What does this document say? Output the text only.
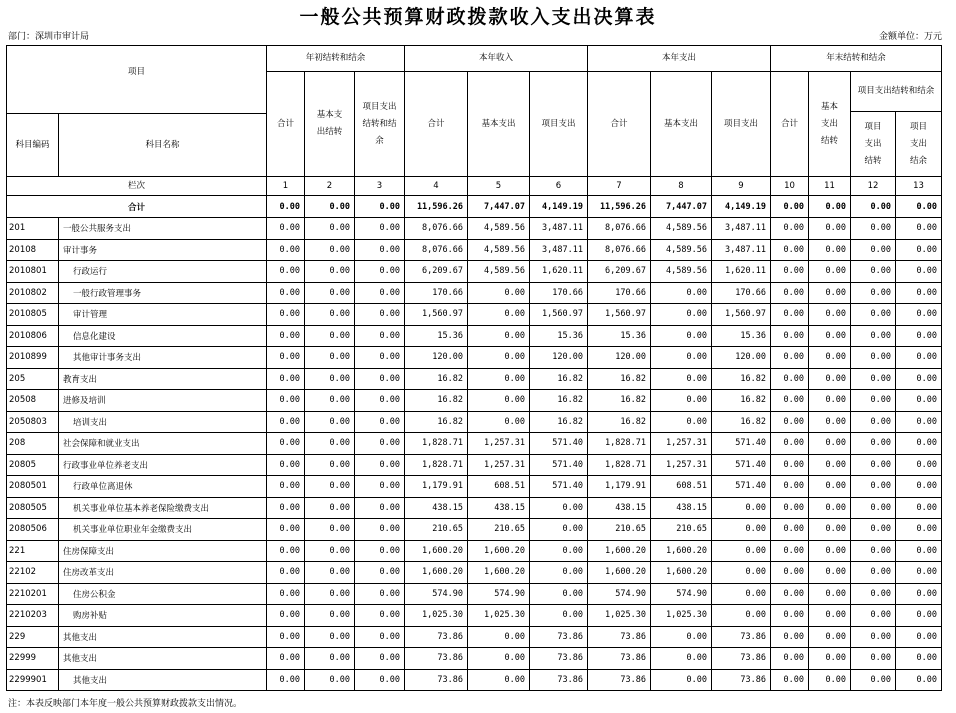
一般公共预算财政拨款收入支出决算表
部门：深圳市审计局	金额单位：万元
项目		年初结转和结余			本年收入			本年支出			年末结转和结余			
		合计	基本支出结转	项目支出结转和结余	合计	基本支出	项目支出	合计	基本支出	项目支出	合计	基本支出结转	项目支出结转和结余	
													项目支出结转	项目支出结余
科目编码	科目名称													
栏次		1	2	3	4	5	6	7	8	9	10	11	12	13
合计		0.00	0.00	0.00	11,596.26	7,447.07	4,149.19	11,596.26	7,447.07	4,149.19	0.00	0.00	0.00	0.00
201	一般公共服务支出	0.00	0.00	0.00	8,076.66	4,589.56	3,487.11	8,076.66	4,589.56	3,487.11	0.00	0.00	0.00	0.00
20108	审计事务	0.00	0.00	0.00	8,076.66	4,589.56	3,487.11	8,076.66	4,589.56	3,487.11	0.00	0.00	0.00	0.00
2010801	行政运行	0.00	0.00	0.00	6,209.67	4,589.56	1,620.11	6,209.67	4,589.56	1,620.11	0.00	0.00	0.00	0.00
2010802	一般行政管理事务	0.00	0.00	0.00	170.66	0.00	170.66	170.66	0.00	170.66	0.00	0.00	0.00	0.00
2010805	审计管理	0.00	0.00	0.00	1,560.97	0.00	1,560.97	1,560.97	0.00	1,560.97	0.00	0.00	0.00	0.00
2010806	信息化建设	0.00	0.00	0.00	15.36	0.00	15.36	15.36	0.00	15.36	0.00	0.00	0.00	0.00
2010899	其他审计事务支出	0.00	0.00	0.00	120.00	0.00	120.00	120.00	0.00	120.00	0.00	0.00	0.00	0.00
205	教育支出	0.00	0.00	0.00	16.82	0.00	16.82	16.82	0.00	16.82	0.00	0.00	0.00	0.00
20508	进修及培训	0.00	0.00	0.00	16.82	0.00	16.82	16.82	0.00	16.82	0.00	0.00	0.00	0.00
2050803	培训支出	0.00	0.00	0.00	16.82	0.00	16.82	16.82	0.00	16.82	0.00	0.00	0.00	0.00
208	社会保障和就业支出	0.00	0.00	0.00	1,828.71	1,257.31	571.40	1,828.71	1,257.31	571.40	0.00	0.00	0.00	0.00
20805	行政事业单位养老支出	0.00	0.00	0.00	1,828.71	1,257.31	571.40	1,828.71	1,257.31	571.40	0.00	0.00	0.00	0.00
2080501	行政单位离退休	0.00	0.00	0.00	1,179.91	608.51	571.40	1,179.91	608.51	571.40	0.00	0.00	0.00	0.00
2080505	机关事业单位基本养老保险缴费支出	0.00	0.00	0.00	438.15	438.15	0.00	438.15	438.15	0.00	0.00	0.00	0.00	0.00
2080506	机关事业单位职业年金缴费支出	0.00	0.00	0.00	210.65	210.65	0.00	210.65	210.65	0.00	0.00	0.00	0.00	0.00
221	住房保障支出	0.00	0.00	0.00	1,600.20	1,600.20	0.00	1,600.20	1,600.20	0.00	0.00	0.00	0.00	0.00
22102	住房改革支出	0.00	0.00	0.00	1,600.20	1,600.20	0.00	1,600.20	1,600.20	0.00	0.00	0.00	0.00	0.00
2210201	住房公积金	0.00	0.00	0.00	574.90	574.90	0.00	574.90	574.90	0.00	0.00	0.00	0.00	0.00
2210203	购房补贴	0.00	0.00	0.00	1,025.30	1,025.30	0.00	1,025.30	1,025.30	0.00	0.00	0.00	0.00	0.00
229	其他支出	0.00	0.00	0.00	73.86	0.00	73.86	73.86	0.00	73.86	0.00	0.00	0.00	0.00
22999	其他支出	0.00	0.00	0.00	73.86	0.00	73.86	73.86	0.00	73.86	0.00	0.00	0.00	0.00
2299901	其他支出	0.00	0.00	0.00	73.86	0.00	73.86	73.86	0.00	73.86	0.00	0.00	0.00	0.00
注：本表反映部门本年度一般公共预算财政拨款支出情况。
